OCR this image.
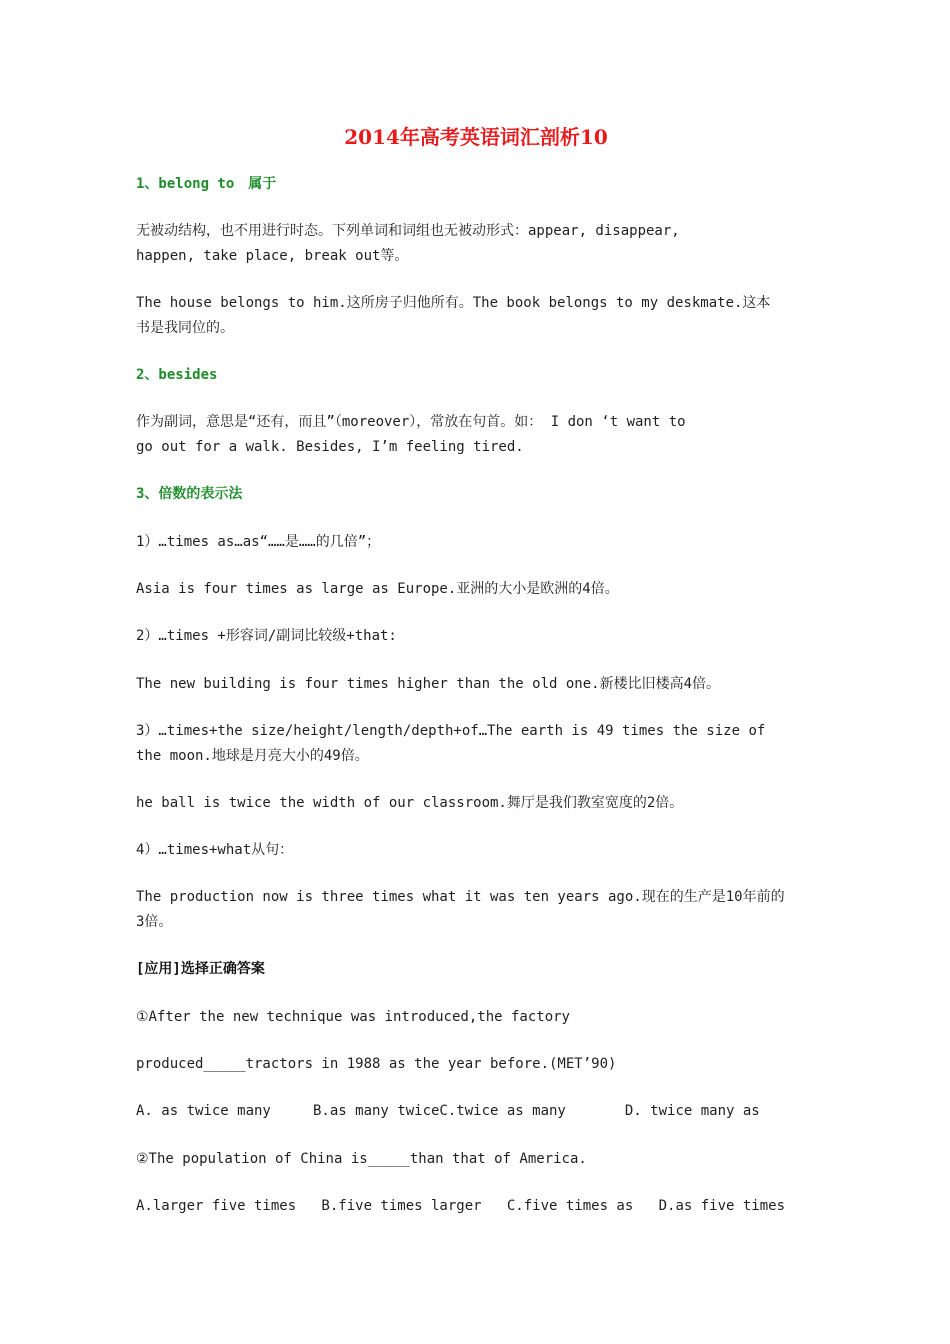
2014年高考英语词汇剖析10
1、belong to　属于
无被动结构，也不用进行时态。下列单词和词组也无被动形式：appear, disappear,
happen, take place, break out等。
The house belongs to him.这所房子归他所有。The book belongs to my deskmate.这本
书是我同位的。
2、besides
作为副词，意思是“还有，而且”（moreover），常放在句首。如： I don ‘t want to
go out for a walk. Besides, I’m feeling tired.
3、倍数的表示法
1）…times as…as“……是……的几倍”；
Asia is four times as large as Europe.亚洲的大小是欧洲的4倍。
2）…times +形容词/副词比较级+that:
The new building is four times higher than the old one.新楼比旧楼高4倍。
3）…times+the size/height/length/depth+of…The earth is 49 times the size of
the moon.地球是月亮大小的49倍。
he ball is twice the width of our classroom.舞厅是我们教室宽度的2倍。
4）…times+what从句：
The production now is three times what it was ten years ago.现在的生产是10年前的
3倍。
[应用]选择正确答案
①After the new technique was introduced,the factory
produced_____tractors in 1988 as the year before.(MET’90)
A. as twice many     B.as many twiceC.twice as many       D. twice many as
②The population of China is_____than that of America.
A.larger five times   B.five times larger   C.five times as   D.as five times
